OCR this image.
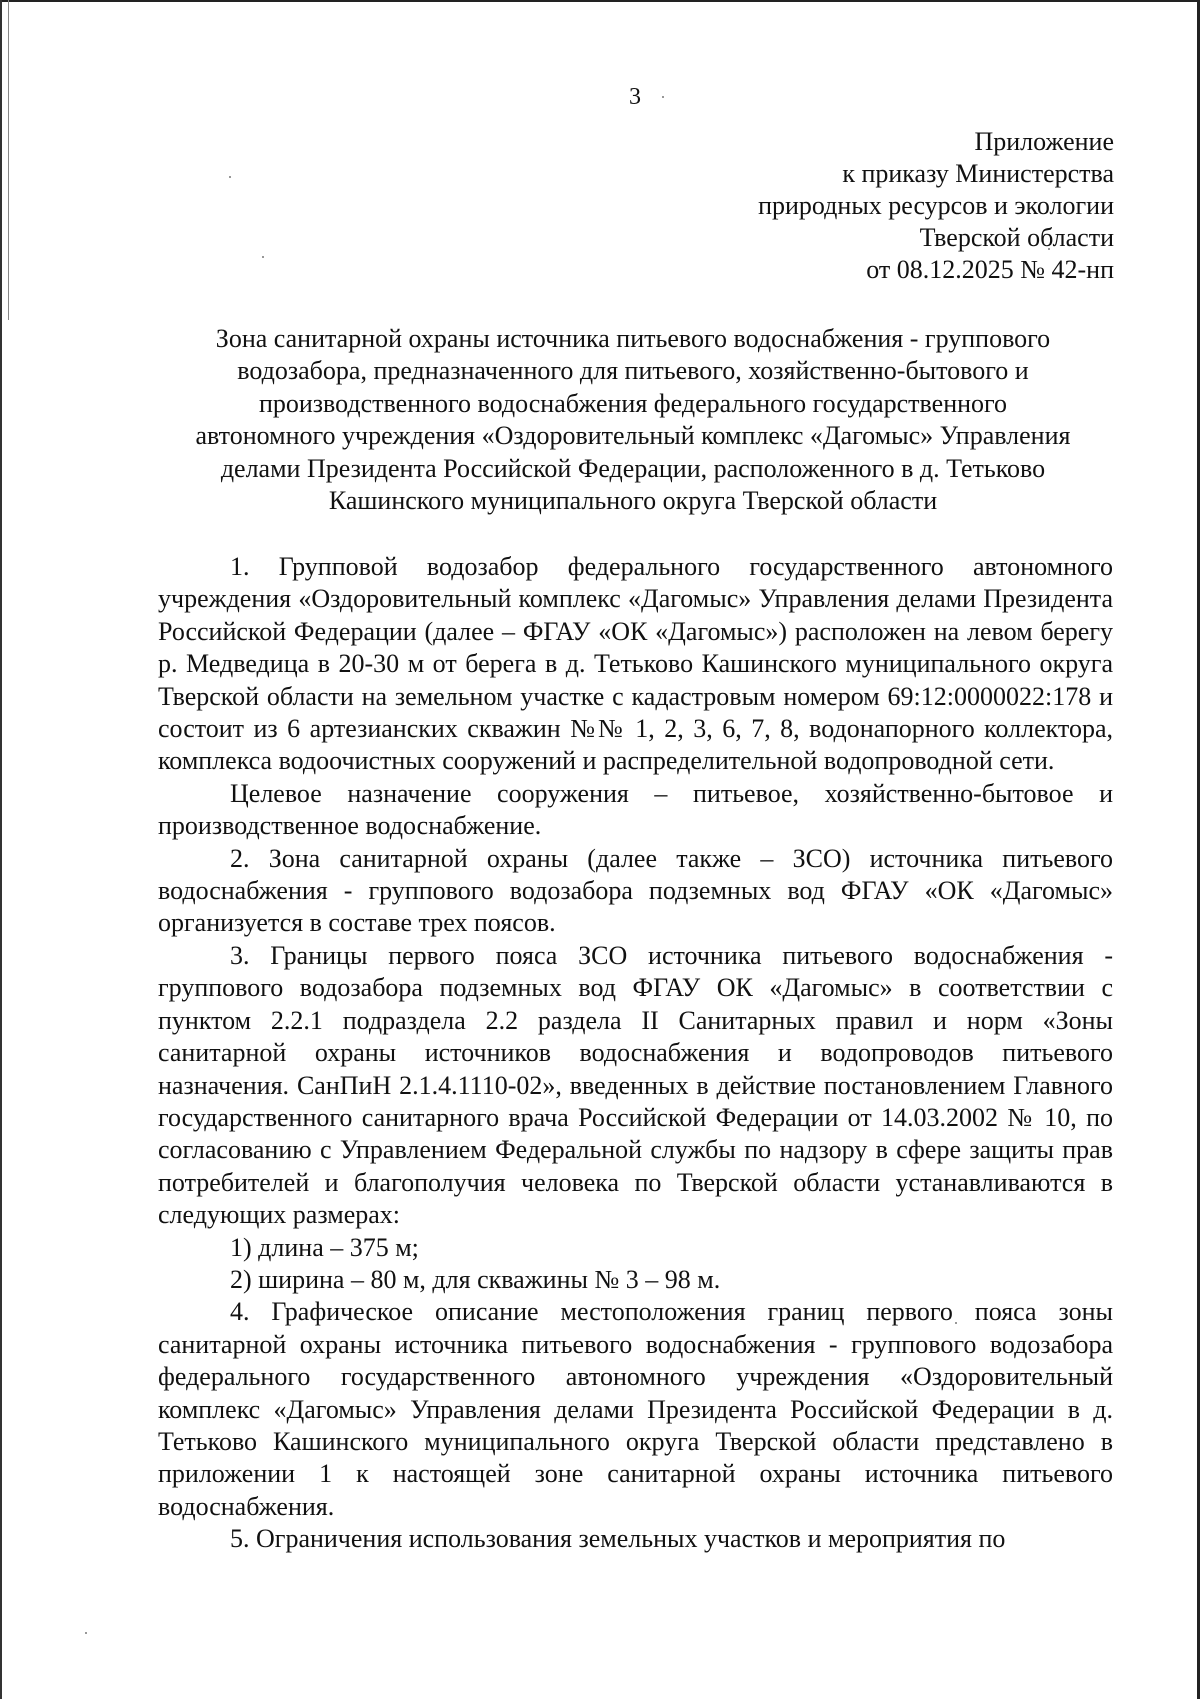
3
Приложение
к приказу Министерства
природных ресурсов и экологии
Тверской области
от 08.12.2025 № 42-нп
Зона санитарной охраны источника питьевого водоснабжения - группового
водозабора, предназначенного для питьевого, хозяйственно-бытового и
производственного водоснабжения федерального государственного
автономного учреждения «Оздоровительный комплекс «Дагомыс» Управления
делами Президента Российской Федерации, расположенного в д. Тетьково
Кашинского муниципального округа Тверской области

1. Групповой водозабор федерального государственного автономного учреждения «Оздоровительный комплекс «Дагомыс» Управления делами Президента Российской Федерации (далее – ФГАУ «ОК «Дагомыс») расположен на левом берегу р. Медведица в 20-30 м от берега в д. Тетьково Кашинского муниципального округа Тверской области на земельном участке с кадастровым номером 69:12:0000022:178 и состоит из 6 артезианских скважин №№ 1, 2, 3, 6, 7, 8, водонапорного коллектора, комплекса водоочистных сооружений и распределительной водопроводной сети.

Целевое назначение сооружения – питьевое, хозяйственно-бытовое и производственное водоснабжение.

2. Зона санитарной охраны (далее также – ЗСО) источника питьевого водоснабжения - группового водозабора подземных вод ФГАУ «ОК «Дагомыс» организуется в составе трех поясов.

3. Границы первого пояса ЗСО источника питьевого водоснабжения - группового водозабора подземных вод ФГАУ ОК «Дагомыс» в соответствии с пунктом 2.2.1 подраздела 2.2 раздела II Санитарных правил и норм «Зоны санитарной охраны источников водоснабжения и водопроводов питьевого назначения. СанПиН 2.1.4.1110-02», введенных в действие постановлением Главного государственного санитарного врача Российской Федерации от 14.03.2002 № 10, по согласованию с Управлением Федеральной службы по надзору в сфере защиты прав потребителей и благополучия человека по Тверской области устанавливаются в следующих размерах:

1) длина – 375 м;

2) ширина – 80 м, для скважины № 3 – 98 м.

4. Графическое описание местоположения границ первого пояса зоны санитарной охраны источника питьевого водоснабжения - группового водозабора федерального государственного автономного учреждения «Оздоровительный комплекс «Дагомыс» Управления делами Президента Российской Федерации в д. Тетьково Кашинского муниципального округа Тверской области представлено в приложении 1 к настоящей зоне санитарной охраны источника питьевого водоснабжения.

5. Ограничения использования земельных участков и мероприятия по
